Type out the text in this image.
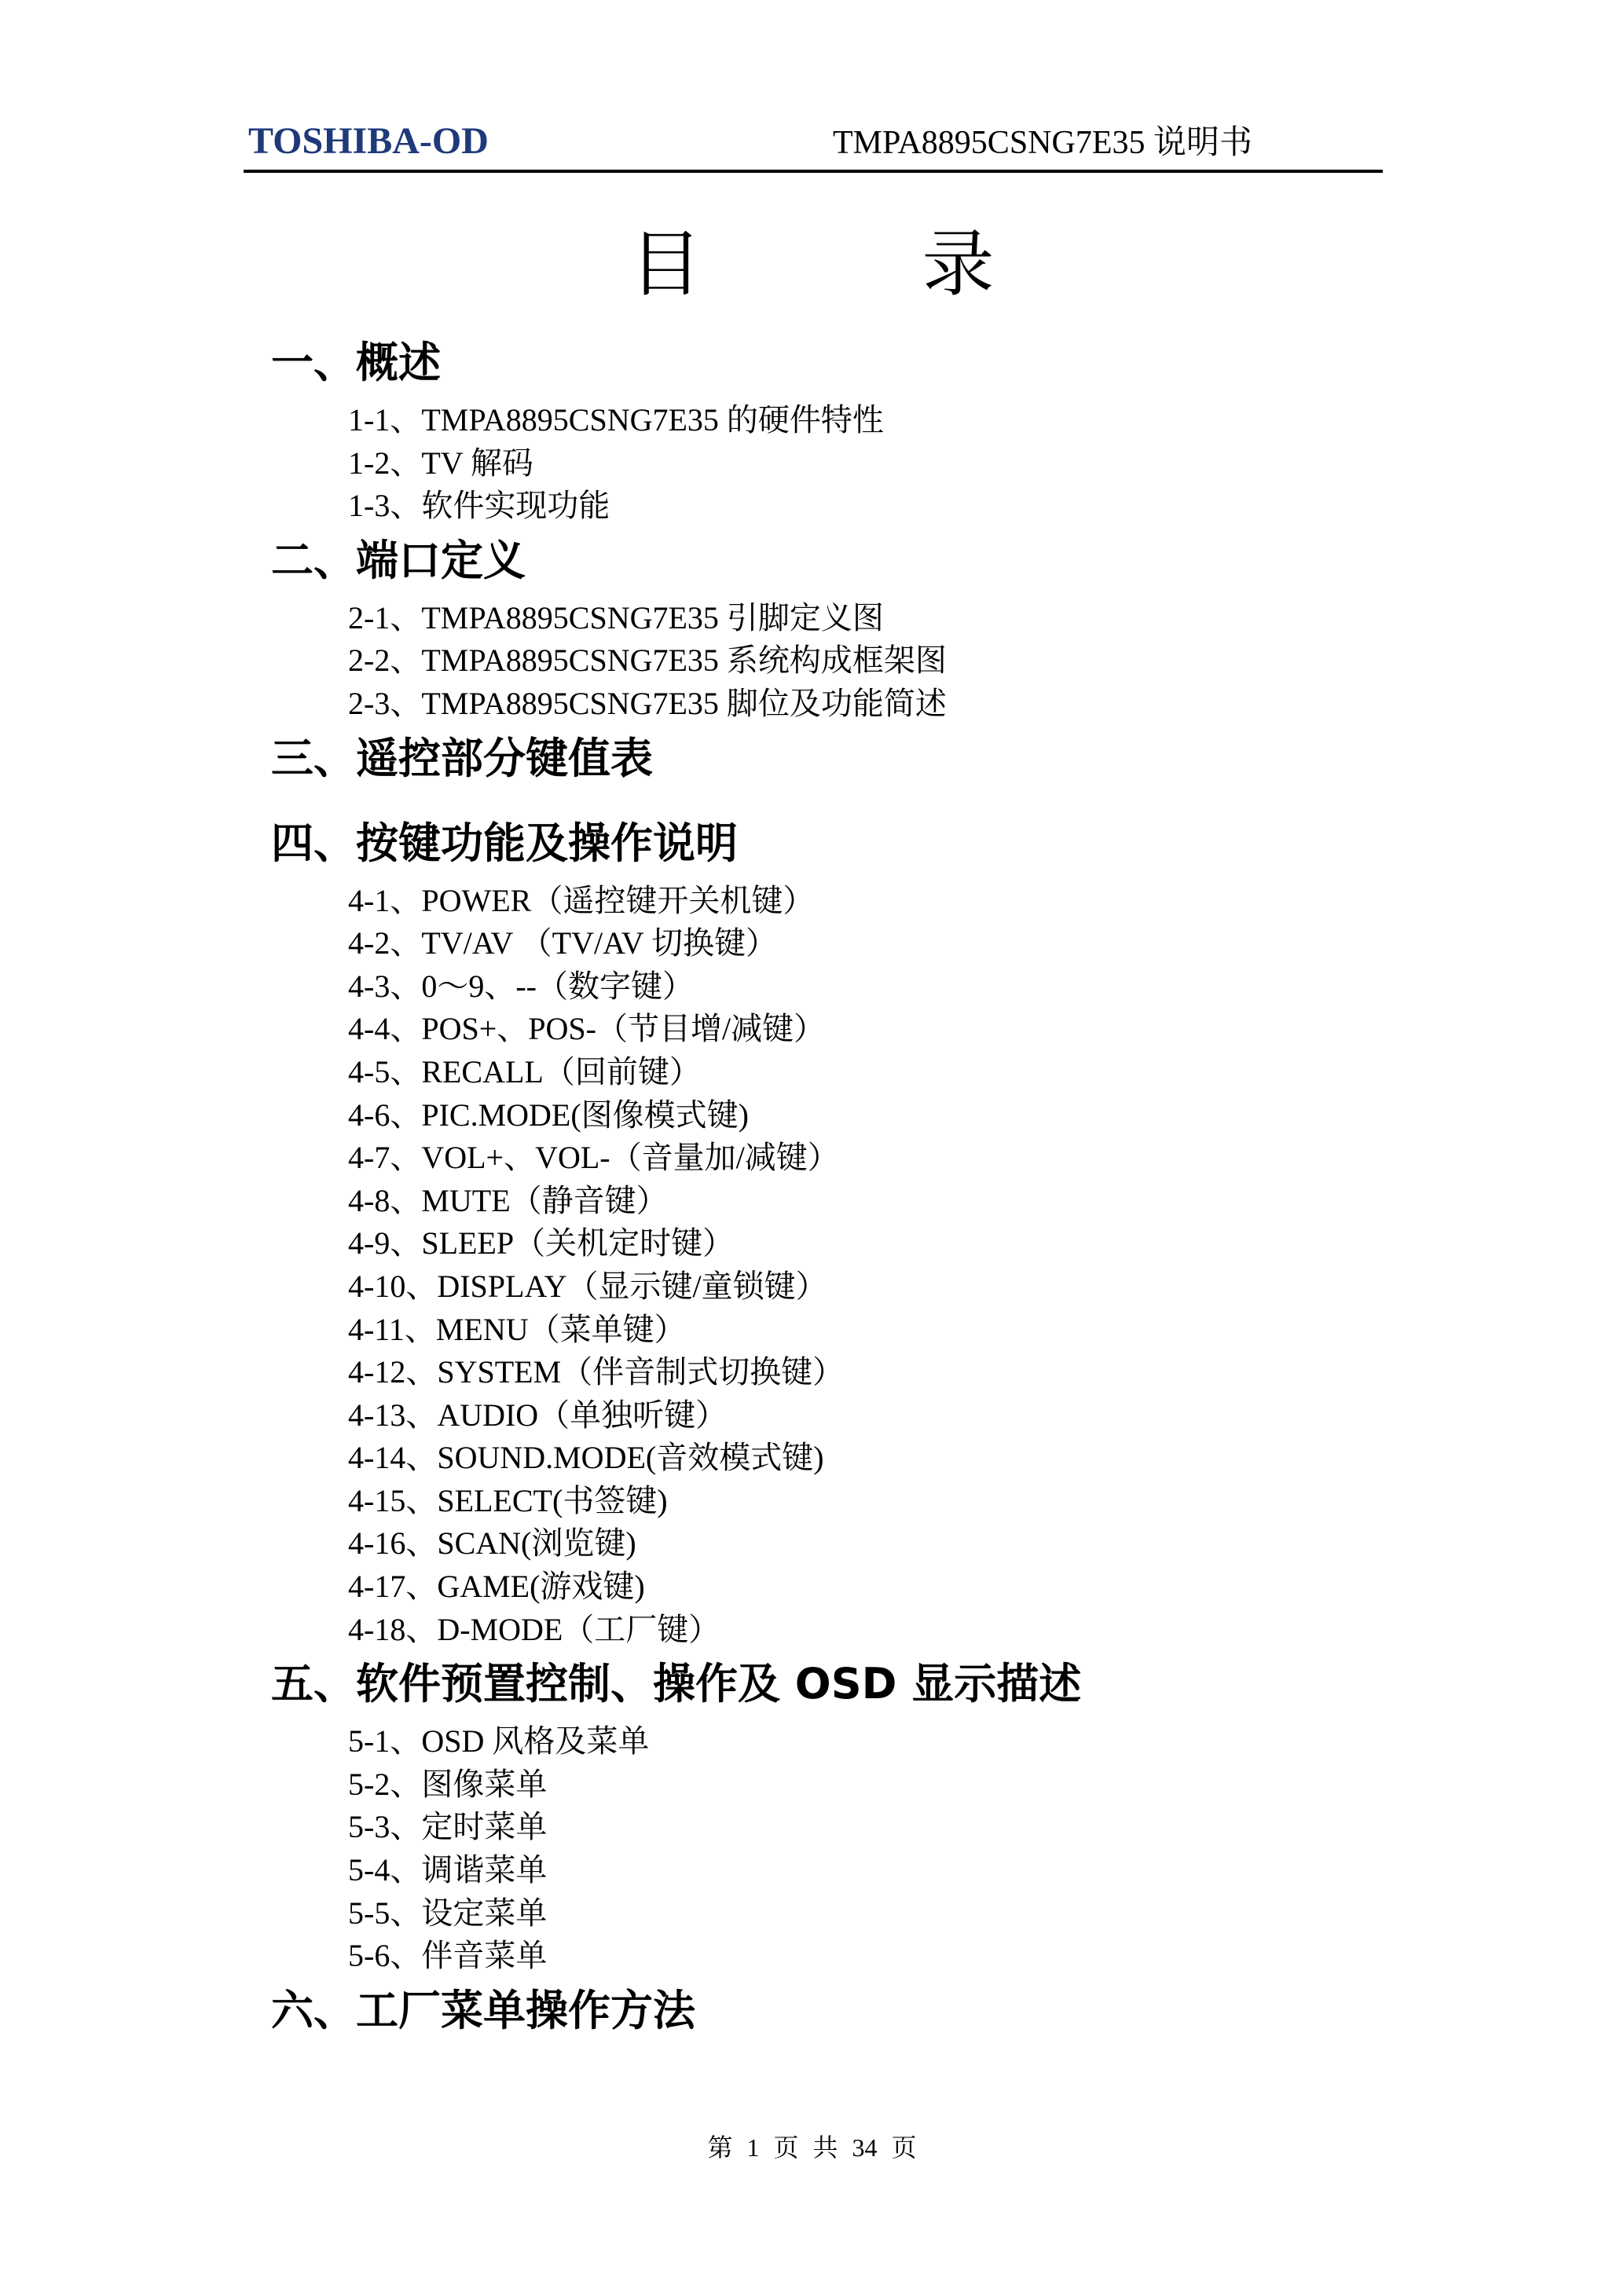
TOSHIBA-OD	TMPA8895CSNG7E35 说明书
目录
一、概述
1-1、TMPA8895CSNG7E35 的硬件特性
1-2、TV 解码
1-3、软件实现功能
二、端口定义
2-1、TMPA8895CSNG7E35 引脚定义图
2-2、TMPA8895CSNG7E35 系统构成框架图
2-3、TMPA8895CSNG7E35 脚位及功能简述
三、遥控部分键值表
四、按键功能及操作说明
4-1、POWER（遥控键开关机键）
4-2、TV/AV （TV/AV 切换键）
4-3、0～9、--（数字键）
4-4、POS+、POS-（节目增/减键）
4-5、RECALL（回前键）
4-6、PIC.MODE(图像模式键)
4-7、VOL+、VOL-（音量加/减键）
4-8、MUTE（静音键）
4-9、SLEEP（关机定时键）
4-10、DISPLAY（显示键/童锁键）
4-11、MENU（菜单键）
4-12、SYSTEM（伴音制式切换键）
4-13、AUDIO（单独听键）
4-14、SOUND.MODE(音效模式键)
4-15、SELECT(书签键)
4-16、SCAN(浏览键)
4-17、GAME(游戏键)
4-18、D-MODE（工厂键）
五、软件预置控制、操作及 OSD 显示描述
5-1、OSD 风格及菜单
5-2、图像菜单
5-3、定时菜单
5-4、调谐菜单
5-5、设定菜单
5-6、伴音菜单
六、工厂菜单操作方法
第 1 页 共 34 页
